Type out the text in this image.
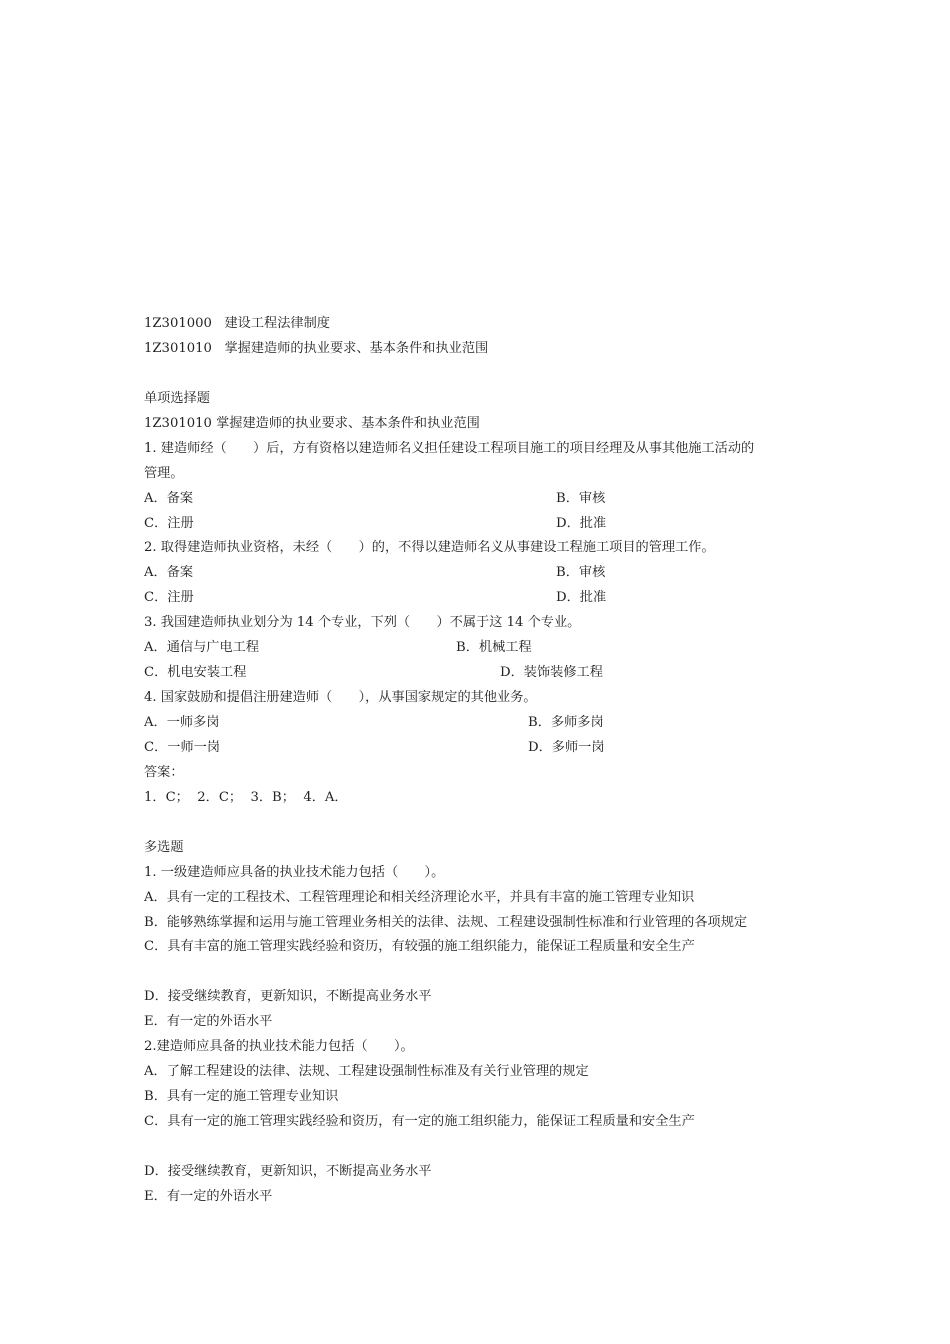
1Z301000   建设工程法律制度
1Z301010   掌握建造师的执业要求、基本条件和执业范围
单项选择题
1Z301010 掌握建造师的执业要求、基本条件和执业范围
1. 建造师经（　　）后，方有资格以建造师名义担任建设工程项目施工的项目经理及从事其他施工活动的
管理。

A．备案

	B．审核

C．注册

	D．批准

2. 取得建造师执业资格，未经（　　）的，不得以建造师名义从事建设工程施工项目的管理工作。

A．备案

	B．审核

C．注册

	D．批准

3. 我国建造师执业划分为 14 个专业，下列（　　）不属于这 14 个专业。

A．通信与广电工程

	B．机械工程

C．机电安装工程

	D．装饰装修工程

4. 国家鼓励和提倡注册建造师（　　），从事国家规定的其他业务。

A．一师多岗

	B．多师多岗

C．一师一岗

	D．多师一岗

答案：
1．C；  2．C；  3．B；  4．A．
多选题
1. 一级建造师应具备的执业技术能力包括（　　）。
A．具有一定的工程技术、工程管理理论和相关经济理论水平，并具有丰富的施工管理专业知识
B．能够熟练掌握和运用与施工管理业务相关的法律、法规、工程建设强制性标准和行业管理的各项规定
C．具有丰富的施工管理实践经验和资历，有较强的施工组织能力，能保证工程质量和安全生产
D．接受继续教育，更新知识，不断提高业务水平
E．有一定的外语水平
2.建造师应具备的执业技术能力包括（　　）。
A．了解工程建设的法律、法规、工程建设强制性标准及有关行业管理的规定
B．具有一定的施工管理专业知识
C．具有一定的施工管理实践经验和资历，有一定的施工组织能力，能保证工程质量和安全生产
D．接受继续教育，更新知识，不断提高业务水平
E．有一定的外语水平
